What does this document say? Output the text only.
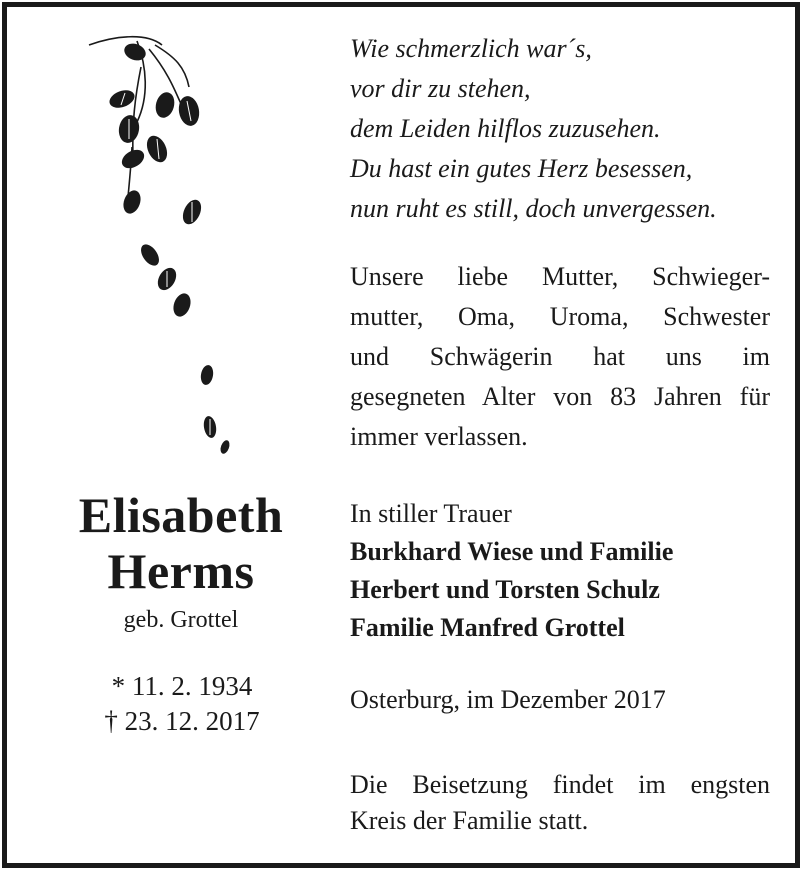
Elisabeth
Herms
geb. Grottel
* 11. 2. 1934
† 23. 12. 2017
Wie schmerzlich war´s,
vor dir zu stehen,
dem Leiden hilflos zuzusehen.
Du hast ein gutes Herz besessen,
nun ruht es still, doch unvergessen.
Unsere liebe Mutter, Schwieger-
mutter, Oma, Uroma, Schwester
und Schwägerin hat uns im
gesegneten Alter von 83 Jahren für
immer verlassen.
In stiller Trauer
Burkhard Wiese und Familie
Herbert und Torsten Schulz
Familie Manfred Grottel
Osterburg, im Dezember 2017
Die Beisetzung findet im engsten
Kreis der Familie statt.
